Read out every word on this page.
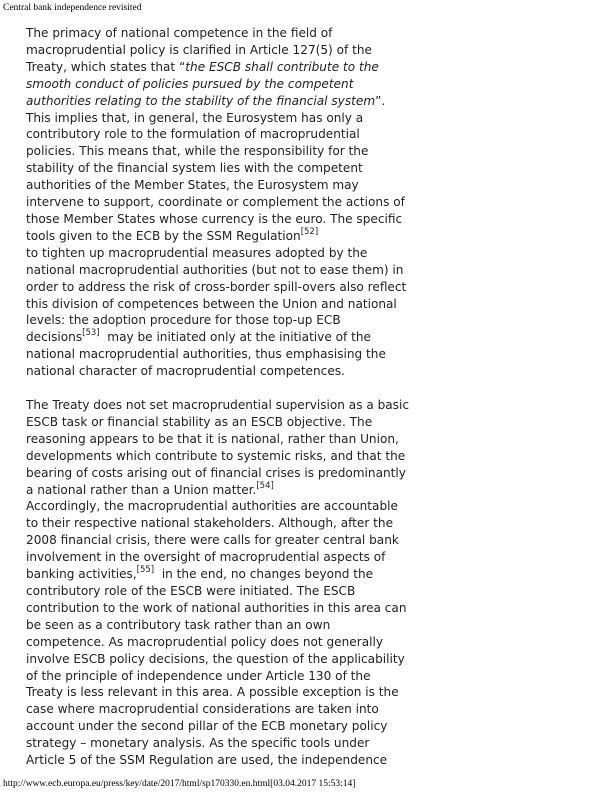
Central bank independence revisited

The primacy of national competence in the field of
macroprudential policy is clarified in Article 127(5) of the
Treaty, which states that “the ESCB shall contribute to the
smooth conduct of policies pursued by the competent
authorities relating to the stability of the financial system”.
This implies that, in general, the Eurosystem has only a
contributory role to the formulation of macroprudential
policies. This means that, while the responsibility for the
stability of the financial system lies with the competent
authorities of the Member States, the Eurosystem may
intervene to support, coordinate or complement the actions of
those Member States whose currency is the euro. The specific
tools given to the ECB by the SSM Regulation[52]
to tighten up macroprudential measures adopted by the
national macroprudential authorities (but not to ease them) in
order to address the risk of cross-border spill-overs also reflect
this division of competences between the Union and national
levels: the adoption procedure for those top-up ECB
decisions[53]  may be initiated only at the initiative of the
national macroprudential authorities, thus emphasising the
national character of macroprudential competences.

The Treaty does not set macroprudential supervision as a basic
ESCB task or financial stability as an ESCB objective. The
reasoning appears to be that it is national, rather than Union,
developments which contribute to systemic risks, and that the
bearing of costs arising out of financial crises is predominantly
a national rather than a Union matter.[54]
Accordingly, the macroprudential authorities are accountable
to their respective national stakeholders. Although, after the
2008 financial crisis, there were calls for greater central bank
involvement in the oversight of macroprudential aspects of
banking activities,[55]  in the end, no changes beyond the
contributory role of the ESCB were initiated. The ESCB
contribution to the work of national authorities in this area can
be seen as a contributory task rather than an own
competence. As macroprudential policy does not generally
involve ESCB policy decisions, the question of the applicability
of the principle of independence under Article 130 of the
Treaty is less relevant in this area. A possible exception is the
case where macroprudential considerations are taken into
account under the second pillar of the ECB monetary policy
strategy – monetary analysis. As the specific tools under
Article 5 of the SSM Regulation are used, the independence

http://www.ecb.europa.eu/press/key/date/2017/html/sp170330.en.html[03.04.2017 15:53:14]
